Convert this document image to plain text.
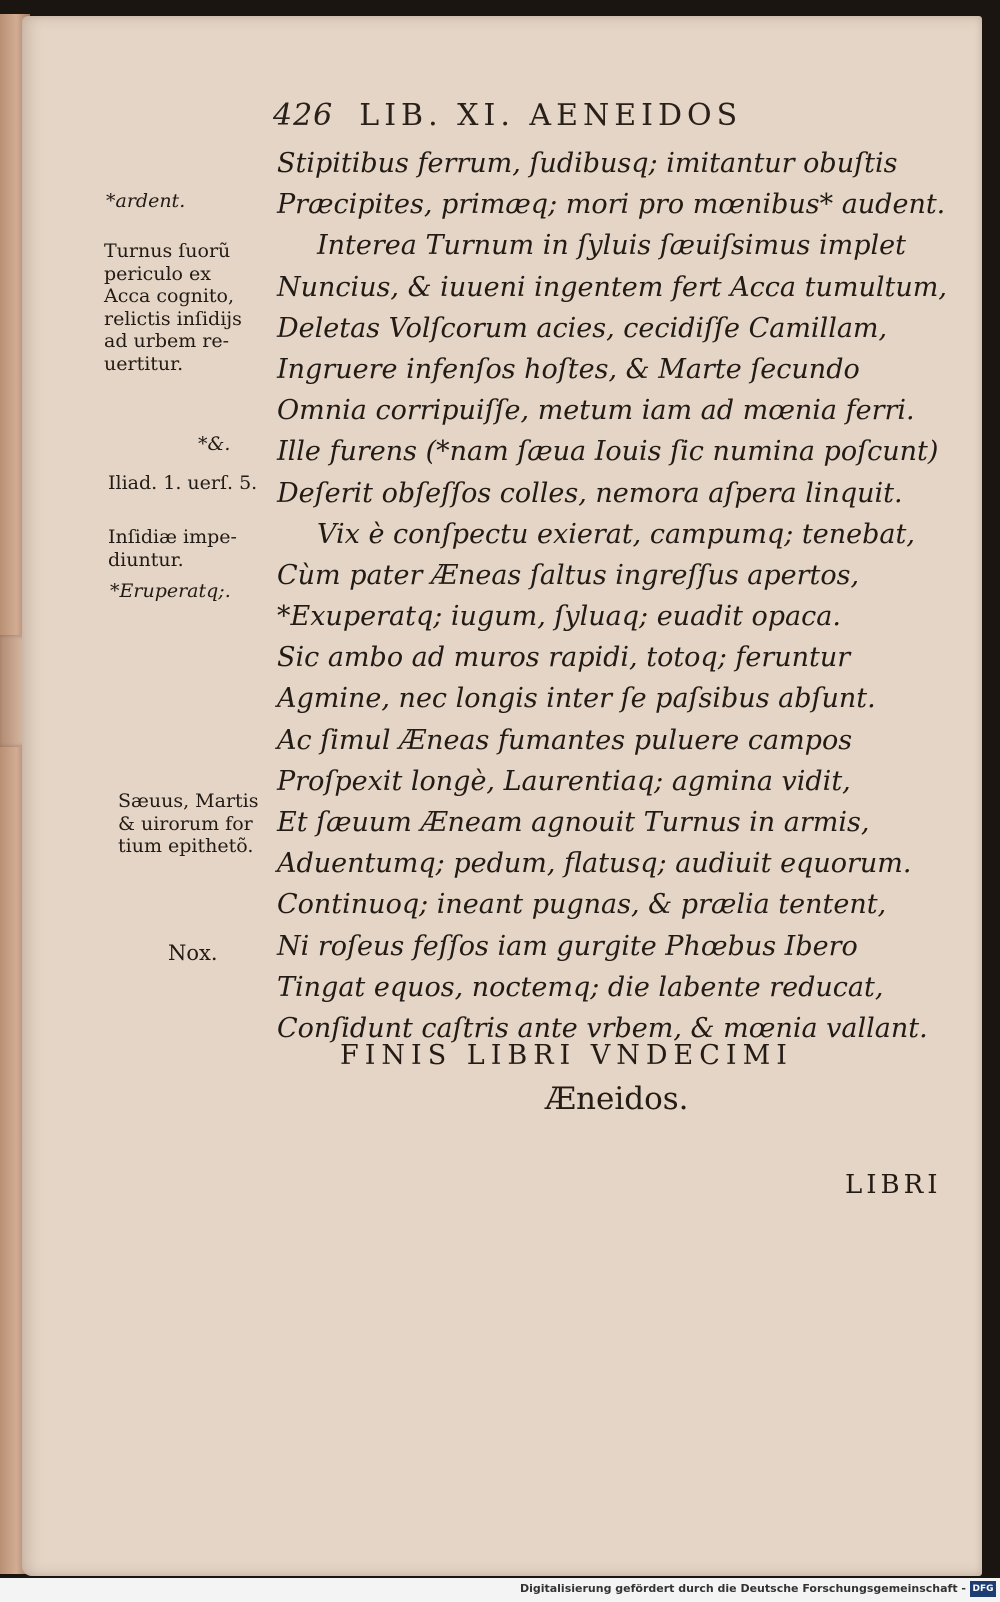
426 LIB. XI. AENEIDOS
Stipitibus ferrum, ſudibusq; imitantur obuſtis
Præcipites, primæq; mori pro mœnibus* audent.
Interea Turnum in ſyluis ſæuiſsimus implet
Nuncius, & iuueni ingentem fert Acca tumultum,
Deletas Volſcorum acies, cecidiſſe Camillam,
Ingruere infenſos hoſtes, & Marte ſecundo
Omnia corripuiſſe, metum iam ad mœnia ferri.
Ille furens (*nam ſæua Iouis ſic numina poſcunt)
Deſerit obſeſſos colles, nemora aſpera linquit.
Vix è conſpectu exierat, campumq; tenebat,
Cùm pater Æneas ſaltus ingreſſus apertos,
*Exuperatq; iugum, ſyluaq; euadit opaca.
Sic ambo ad muros rapidi, totoq; feruntur
Agmine, nec longis inter ſe paſsibus abſunt.
Ac ſimul Æneas fumantes puluere campos
Proſpexit longè, Laurentiaq; agmina vidit,
Et ſæuum Æneam agnouit Turnus in armis,
Aduentumq; pedum, flatusq; audiuit equorum.
Continuoq; ineant pugnas, & prælia tentent,
Ni roſeus feſſos iam gurgite Phœbus Ibero
Tingat equos, noctemq; die labente reducat,
Conſidunt caſtris ante vrbem, & mœnia vallant.
*ardent.
Turnus ſuorũ
periculo ex
Acca cognito,
relictis inſidijs
ad urbem re-
uertitur.
*&.
Iliad. 1. uerſ. 5.
Inſidiæ impe-
diuntur.
*Eruperatq;.
Sæuus, Martis
& uirorum for
tium epithetõ.
Nox.
FINIS LIBRI VNDECIMI
Æneidos.
LIBRI
Digitalisierung gefördert durch die Deutsche Forschungsgemeinschaft - DFG
